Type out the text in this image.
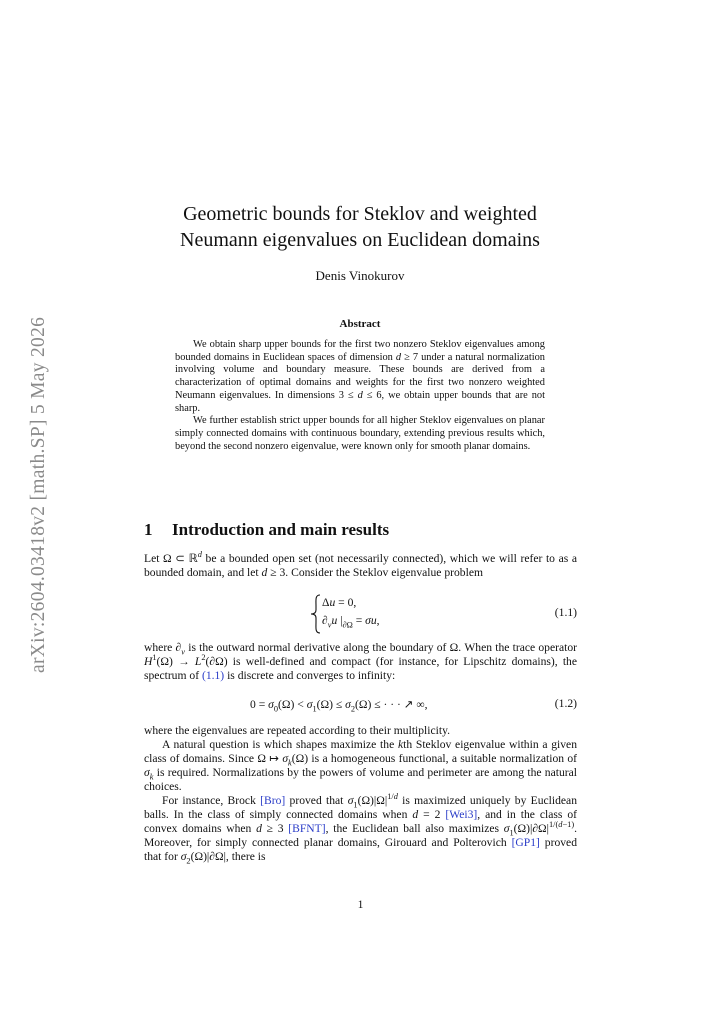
arXiv:2604.03418v2 [math.SP] 5 May 2026
Geometric bounds for Steklov and weighted
Neumann eigenvalues on Euclidean domains
Denis Vinokurov
Abstract

We obtain sharp upper bounds for the first two nonzero Steklov eigenvalues among bounded domains in Euclidean spaces of dimension d ≥ 7 under a natural normalization involving volume and boundary measure. These bounds are derived from a characterization of optimal domains and weights for the first two nonzero weighted Neumann eigenvalues. In dimensions 3 ≤ d ≤ 6, we obtain upper bounds that are not sharp.

We further establish strict upper bounds for all higher Steklov eigenvalues on planar simply connected domains with continuous boundary, extending previous results which, beyond the second nonzero eigenvalue, were known only for smooth planar domains.

1 Introduction and main results

Let Ω ⊂ ℝ$^d$ be a bounded open set (not necessarily connected), which we will refer to as a bounded domain, and let d ≥ 3. Consider the Steklov eigenvalue problem

Δu = 0,
$\partial_\nu u$ $|_{\partial\Omega} = \sigma u$,
(1.1)

where $\partial_\nu$ is the outward normal derivative along the boundary of Ω. When the trace operator $H^1(\Omega) \to L^2(\partial\Omega)$ is well-defined and compact (for instance, for Lipschitz domains), the spectrum of (1.1) is discrete and converges to infinity:

$0 = \sigma_0(\Omega) < \sigma_1(\Omega) \le \sigma_2(\Omega)$ ≤ · · · ↗ ∞,	(1.2)

where the eigenvalues are repeated according to their multiplicity.

A natural question is which shapes maximize the kth Steklov eigenvalue within a given class of domains. Since Ω ↦ $\sigma_k(\Omega)$ is a homogeneous functional, a suitable normalization of $\sigma_k$ is required. Normalizations by the powers of volume and perimeter are among the natural choices.

For instance, Brock [Bro] proved that $\sigma_1(\Omega)|\Omega|^{1/d}$ is maximized uniquely by Euclidean balls. In the class of simply connected domains when d = 2 [Wei3], and in the class of convex domains when d ≥ 3 [BFNT], the Euclidean ball also maximizes $\sigma_1(\Omega)|\partial\Omega|^{1/(d-1)}$. Moreover, for simply connected planar domains, Girouard and Polterovich [GP1] proved that for $\sigma_2(\Omega)|\partial\Omega|$, there is

1
